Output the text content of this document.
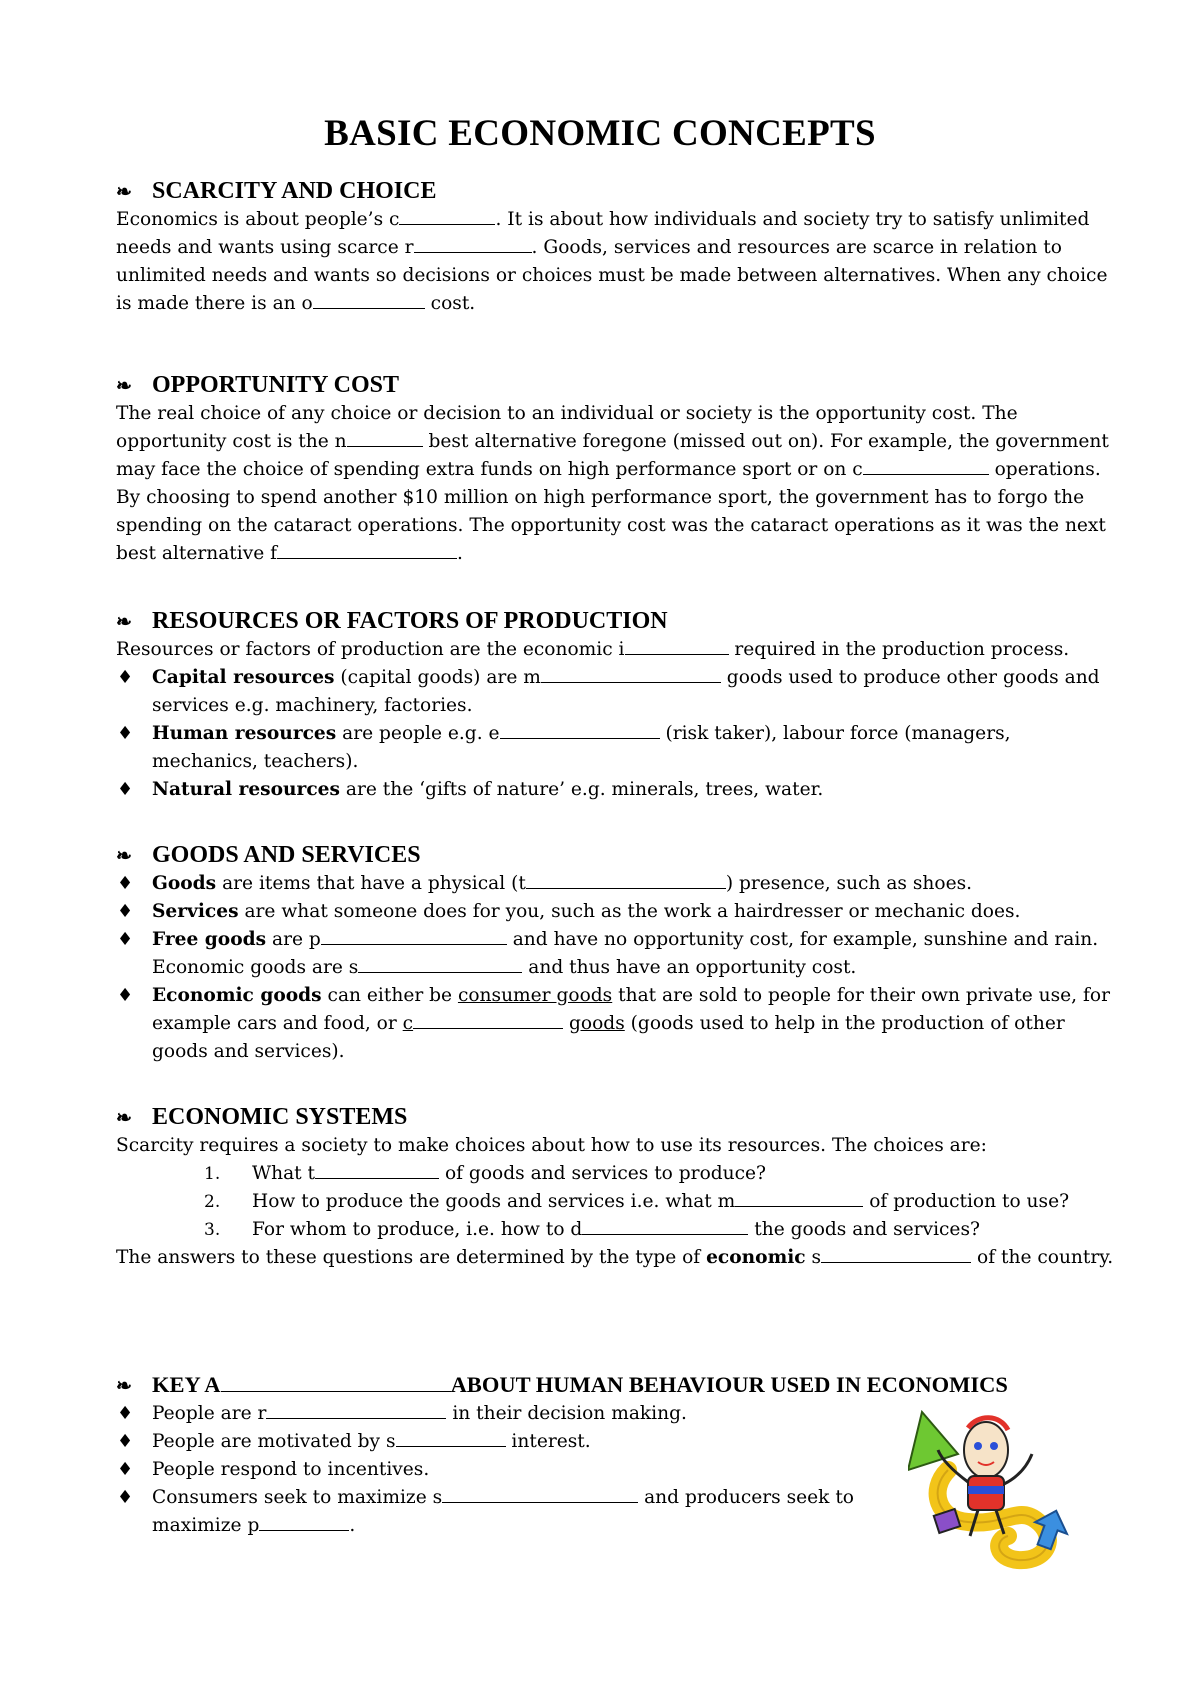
BASIC ECONOMIC CONCEPTS
❧ SCARCITY AND CHOICE

Economics is about people’s c	. It is about how individuals and society try to satisfy unlimited needs and wants using scarce r	. Goods, services and resources are scarce in relation to unlimited needs and wants so decisions or choices must be made between alternatives. When any choice is made there is an o	cost.

❧ OPPORTUNITY COST

The real choice of any choice or decision to an individual or society is the opportunity cost. The opportunity cost is the n	best alternative foregone (missed out on). For example, the government may face the choice of spending extra funds on high performance sport or on c	operations. By choosing to spend another $10 million on high performance sport, the government has to forgo the spending on the cataract operations. The opportunity cost was the cataract operations as it was the next best alternative f	.

❧ RESOURCES OR FACTORS OF PRODUCTION

Resources or factors of production are the economic i	required in the production process.

♦ Capital resources (capital goods) are m	goods used to produce other goods and services e.g. machinery, factories.
♦ Human resources are people e.g. e	(risk taker), labour force (managers, mechanics, teachers).
♦ Natural resources are the ‘gifts of nature’ e.g. minerals, trees, water.
❧ GOODS AND SERVICES
♦ Goods are items that have a physical (t	) presence, such as shoes.
♦ Services are what someone does for you, such as the work a hairdresser or mechanic does.
♦ Free goods are p	and have no opportunity cost, for example, sunshine and rain. Economic goods are s	and thus have an opportunity cost.
♦ Economic goods can either be consumer goods that are sold to people for their own private use, for example cars and food, or c	goods (goods used to help in the production of other goods and services).
❧ ECONOMIC SYSTEMS

Scarcity requires a society to make choices about how to use its resources. The choices are:

1. What t	of goods and services to produce?
2. How to produce the goods and services i.e. what m	of production to use?
3. For whom to produce, i.e. how to d	the goods and services?

The answers to these questions are determined by the type of economic s	of the country.

❧ KEY A	ABOUT HUMAN BEHAVIOUR USED IN ECONOMICS
♦ People are r	in their decision making.
♦ People are motivated by s	interest.
♦ People respond to incentives.
♦ Consumers seek to maximize s	and producers seek to maximize p	.
